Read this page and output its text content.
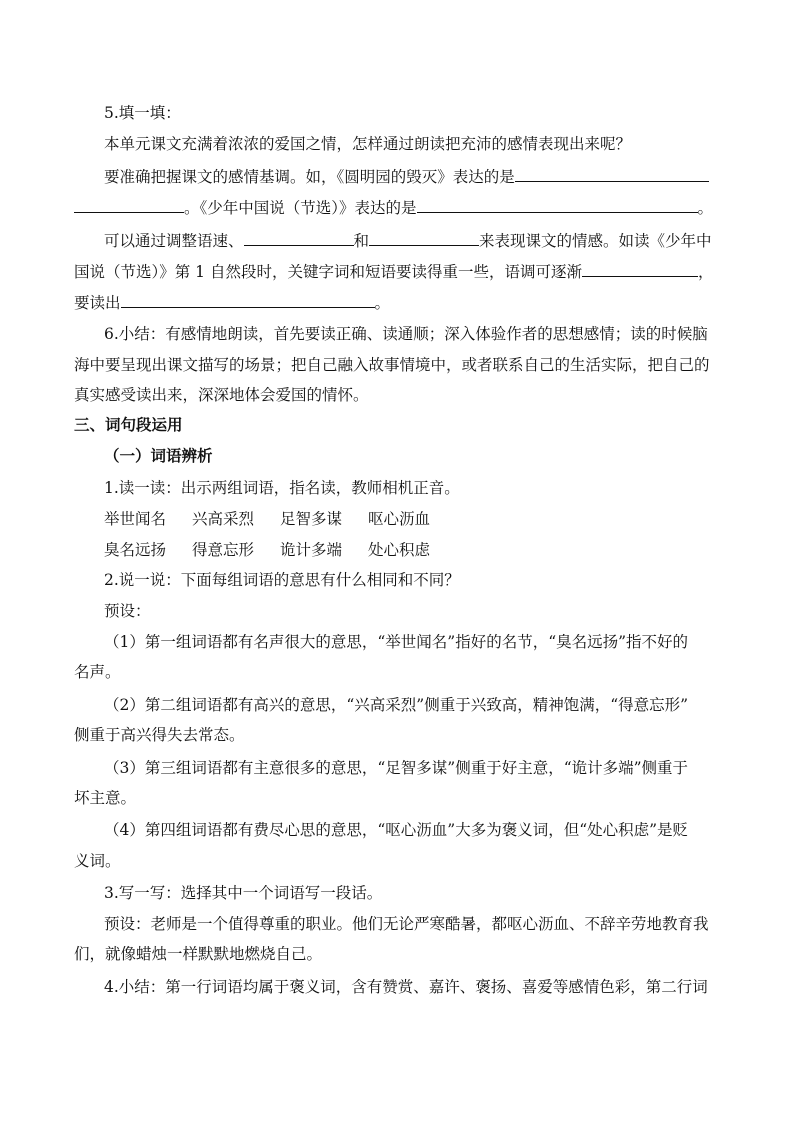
5.填一填：
本单元课文充满着浓浓的爱国之情，怎样通过朗读把充沛的感情表现出来呢？
要准确把握课文的感情基调。如，《圆明园的毁灭》表达的是
。《少年中国说（节选）》表达的是	。
可以通过调整语速、	和	来表现课文的情感。如读《少年中
国说（节选）》第 1 自然段时，关键字词和短语要读得重一些，语调可逐渐	，
要读出	。
6.小结：有感情地朗读，首先要读正确、读通顺；深入体验作者的思想感情；读的时候脑
海中要呈现出课文描写的场景；把自己融入故事情境中，或者联系自己的生活实际，把自己的
真实感受读出来，深深地体会爱国的情怀。
三、词句段运用
（一）词语辨析
1.读一读：出示两组词语，指名读，教师相机正音。
举世闻名 兴高采烈 足智多谋 呕心沥血
臭名远扬 得意忘形 诡计多端 处心积虑
2.说一说：下面每组词语的意思有什么相同和不同？
预设：
（1）第一组词语都有名声很大的意思，“举世闻名”指好的名节，“臭名远扬”指不好的
名声。
（2）第二组词语都有高兴的意思，“兴高采烈”侧重于兴致高，精神饱满，“得意忘形”
侧重于高兴得失去常态。
（3）第三组词语都有主意很多的意思，“足智多谋”侧重于好主意，“诡计多端”侧重于
坏主意。
（4）第四组词语都有费尽心思的意思，“呕心沥血”大多为褒义词，但“处心积虑”是贬
义词。
3.写一写：选择其中一个词语写一段话。
预设：老师是一个值得尊重的职业。他们无论严寒酷暑，都呕心沥血、不辞辛劳地教育我
们，就像蜡烛一样默默地燃烧自己。
4.小结：第一行词语均属于褒义词，含有赞赏、嘉许、褒扬、喜爱等感情色彩，第二行词
